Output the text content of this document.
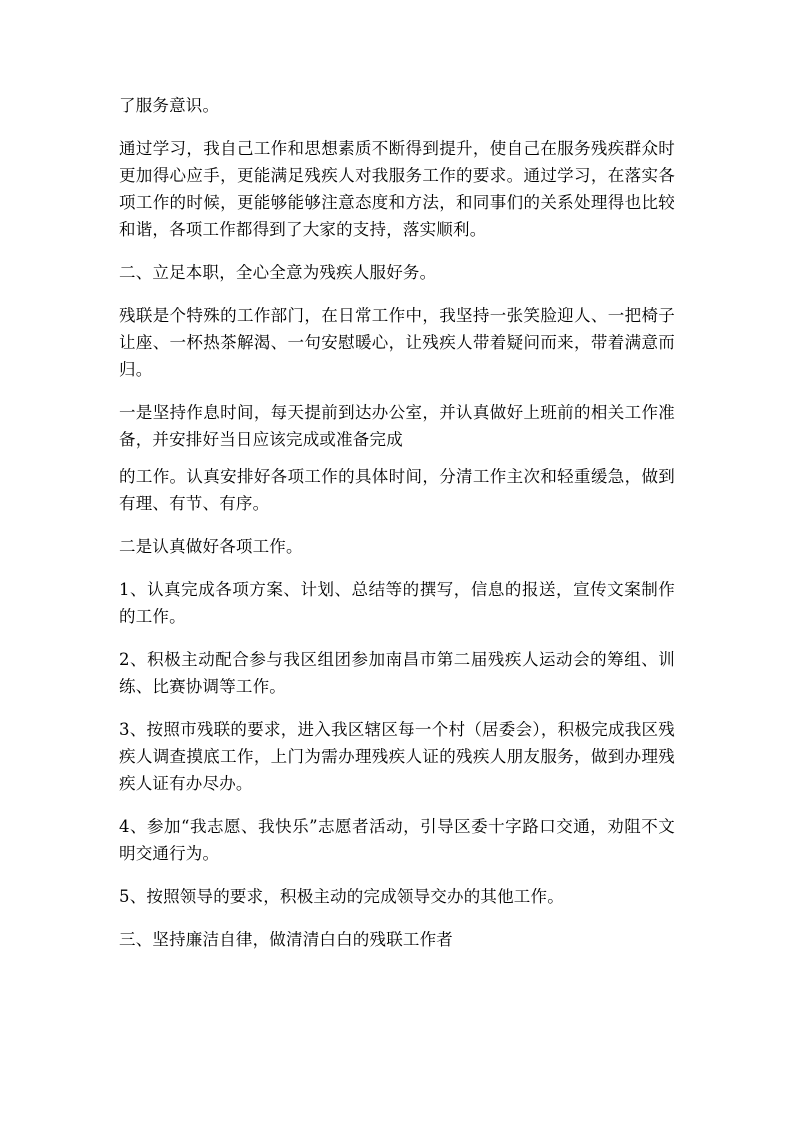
了服务意识。

通过学习，我自己工作和思想素质不断得到提升，使自己在服务残疾群众时更加得心应手，更能满足残疾人对我服务工作的要求。通过学习，在落实各项工作的时候，更能够能够注意态度和方法，和同事们的关系处理得也比较和谐，各项工作都得到了大家的支持，落实顺利。

二、立足本职，全心全意为残疾人服好务。

残联是个特殊的工作部门，在日常工作中，我坚持一张笑脸迎人、一把椅子让座、一杯热茶解渴、一句安慰暖心，让残疾人带着疑问而来，带着满意而归。

一是坚持作息时间，每天提前到达办公室，并认真做好上班前的相关工作准备，并安排好当日应该完成或准备完成

的工作。认真安排好各项工作的具体时间，分清工作主次和轻重缓急，做到有理、有节、有序。

二是认真做好各项工作。

1、认真完成各项方案、计划、总结等的撰写，信息的报送，宣传文案制作的工作。

2、积极主动配合参与我区组团参加南昌市第二届残疾人运动会的筹组、训练、比赛协调等工作。

3、按照市残联的要求，进入我区辖区每一个村（居委会），积极完成我区残疾人调查摸底工作，上门为需办理残疾人证的残疾人朋友服务，做到办理残疾人证有办尽办。

4、参加“我志愿、我快乐”志愿者活动，引导区委十字路口交通，劝阻不文明交通行为。

5、按照领导的要求，积极主动的完成领导交办的其他工作。

三、坚持廉洁自律，做清清白白的残联工作者
